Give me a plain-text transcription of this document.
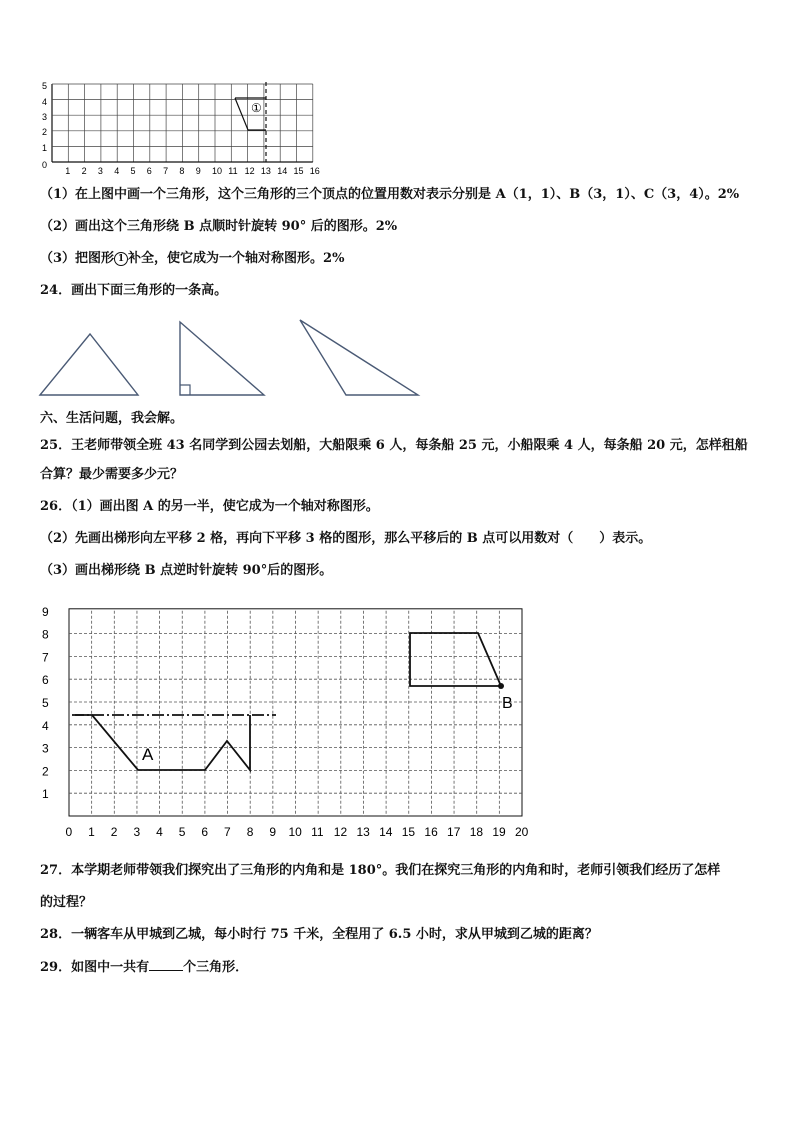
5
4
3
2
1
0
1 2 3 4 5 6 7 8 9 10 11 12 13 14 15 16
①
（1）在上图中画一个三角形，这个三角形的三个顶点的位置用数对表示分别是 A（1，1）、B（3，1）、C（3，4）。2%
（2）画出这个三角形绕 B 点顺时针旋转 90° 后的图形。2%
（3）把图形 1 补全，使它成为一个轴对称图形。2%
24．画出下面三角形的一条高。
六、生活问题，我会解。
25．王老师带领全班 43 名同学到公园去划船，大船限乘 6 人，每条船 25 元，小船限乘 4 人，每条船 20 元，怎样租船
合算？最少需要多少元？
26．（1）画出图 A 的另一半，使它成为一个轴对称图形。
（2）先画出梯形向左平移 2 格，再向下平移 3 格的图形，那么平移后的 B 点可以用数对（　　）表示。
（3）画出梯形绕 B 点逆时针旋转 90°后的图形。
9
8
7
6
5
4
3
2
1
0 1 2 3 4 5 6 7 8 9 10 11 12 13 14 15 16 17 18 19 20
A
B
27．本学期老师带领我们探究出了三角形的内角和是 180°。我们在探究三角形的内角和时，老师引领我们经历了怎样
的过程？
28．一辆客车从甲城到乙城，每小时行 75 千米，全程用了 6.5 小时，求从甲城到乙城的距离？
29．如图中一共有	个三角形．
